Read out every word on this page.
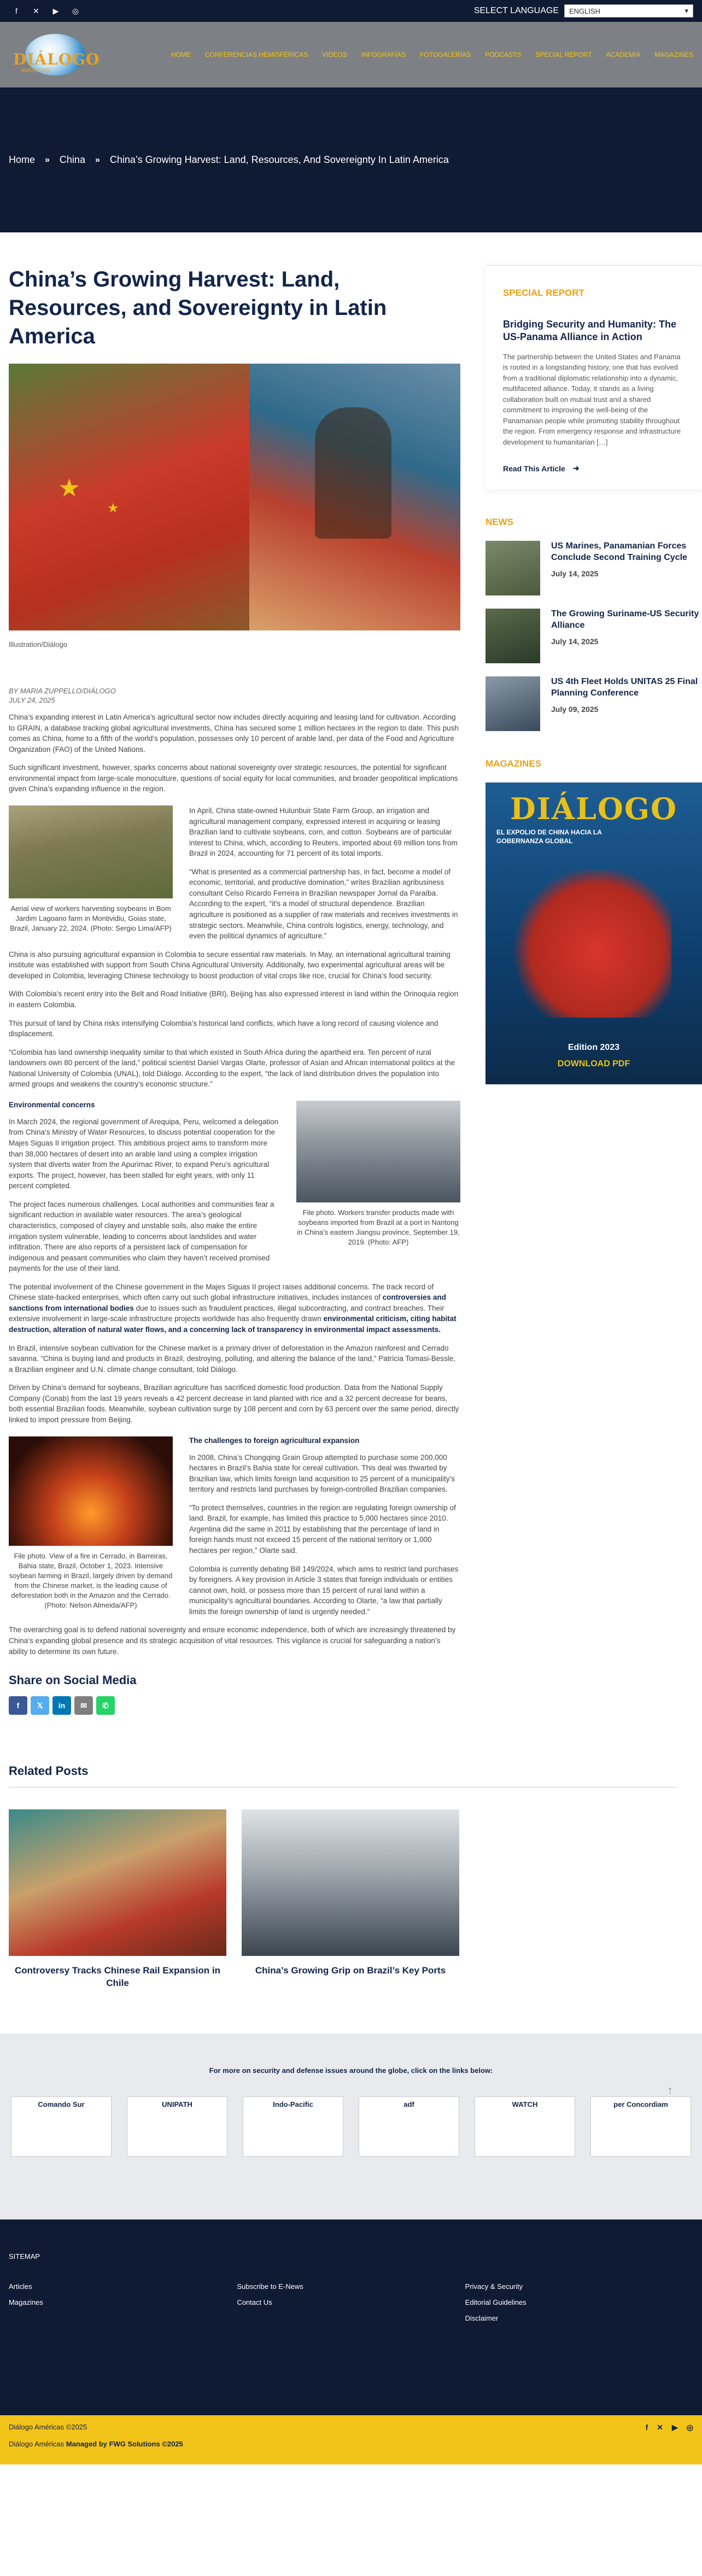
f	✕	▶	◎	SELECT LANGUAGE ENGLISH	▾
DIÁLOGO
AMÉRICAS
HOME CONFERENCIAS HEMISFÉRICAS VIDEOS INFOGRAFÍAS FOTOGALERÍAS PODCASTS SPECIAL REPORT ACADEMIA MAGAZINES
Home » China » China’s Growing Harvest: Land, Resources, And Sovereignty In Latin America
China’s Growing Harvest: Land, Resources, and Sovereignty in Latin America
★
★
Illustration/Diálogo
BY MARIA ZUPPELLO/DIÁLOGO
JULY 24, 2025

China’s expanding interest in Latin America’s agricultural sector now includes directly acquiring and leasing land for cultivation. According to GRAIN, a database tracking global agricultural investments, China has secured some 1 million hectares in the region to date. This push comes as China, home to a fifth of the world’s population, possesses only 10 percent of arable land, per data of the Food and Agriculture Organization (FAO) of the United Nations.

Such significant investment, however, sparks concerns about national sovereignty over strategic resources, the potential for significant environmental impact from large-scale monoculture, questions of social equity for local communities, and broader geopolitical implications given China’s expanding influence in the region.

Aerial view of workers harvesting soybeans in Bom Jardim Lagoano farm in Montividiu, Goias state, Brazil, January 22, 2024. (Photo: Sergio Lima/AFP)

In April, China state-owned Hulunbuir State Farm Group, an irrigation and agricultural management company, expressed interest in acquiring or leasing Brazilian land to cultivate soybeans, corn, and cotton. Soybeans are of particular interest to China, which, according to Reuters, imported about 69 million tons from Brazil in 2024, accounting for 71 percent of its total imports.

“What is presented as a commercial partnership has, in fact, become a model of economic, territorial, and productive domination,” writes Brazilian agribusiness consultant Celso Ricardo Ferreira in Brazilian newspaper Jornal da Paraíba. According to the expert, “it’s a model of structural dependence. Brazilian agriculture is positioned as a supplier of raw materials and receives investments in strategic sectors. Meanwhile, China controls logistics, energy, technology, and even the political dynamics of agriculture.”

China is also pursuing agricultural expansion in Colombia to secure essential raw materials. In May, an international agricultural training institute was established with support from South China Agricultural University. Additionally, two experimental agricultural areas will be developed in Colombia, leveraging Chinese technology to boost production of vital crops like rice, crucial for China’s food security.

With Colombia’s recent entry into the Belt and Road Initiative (BRI), Beijing has also expressed interest in land within the Orinoquia region in eastern Colombia.

This pursuit of land by China risks intensifying Colombia’s historical land conflicts, which have a long record of causing violence and displacement.

“Colombia has land ownership inequality similar to that which existed in South Africa during the apartheid era. Ten percent of rural landowners own 80 percent of the land,” political scientist Daniel Vargas Olarte, professor of Asian and African international politics at the National University of Colombia (UNAL), told Diálogo. According to the expert, “the lack of land distribution drives the population into armed groups and weakens the country’s economic structure.”

Environmental concerns

In March 2024, the regional government of Arequipa, Peru, welcomed a delegation from China’s Ministry of Water Resources, to discuss potential cooperation for the Majes Siguas II irrigation project. This ambitious project aims to transform more than 38,000 hectares of desert into an arable land using a complex irrigation system that diverts water from the Apurímac River, to expand Peru’s agricultural exports. The project, however, has been stalled for eight years, with only 11 percent completed.

The project faces numerous challenges. Local authorities and communities fear a significant reduction in available water resources. The area’s geological characteristics, composed of clayey and unstable soils, also make the entire irrigation system vulnerable, leading to concerns about landslides and water infiltration. There are also reports of a persistent lack of compensation for indigenous and peasant communities who claim they haven’t received promised payments for the use of their land.

File photo. Workers transfer products made with soybeans imported from Brazil at a port in Nantong in China’s eastern Jiangsu province, September 19, 2019. (Photo: AFP)

The potential involvement of the Chinese government in the Majes Siguas II project raises additional concerns. The track record of Chinese state-backed enterprises, which often carry out such global infrastructure initiatives, includes instances of controversies and sanctions from international bodies due to issues such as fraudulent practices, illegal subcontracting, and contract breaches. Their extensive involvement in large-scale infrastructure projects worldwide has also frequently drawn environmental criticism, citing habitat destruction, alteration of natural water flows, and a concerning lack of transparency in environmental impact assessments.

In Brazil, intensive soybean cultivation for the Chinese market is a primary driver of deforestation in the Amazon rainforest and Cerrado savanna. “China is buying land and products in Brazil, destroying, polluting, and altering the balance of the land,” Patrícia Tomasi-Bessle, a Brazilian engineer and U.N. climate change consultant, told Diálogo.

Driven by China’s demand for soybeans, Brazilian agriculture has sacrificed domestic food production. Data from the National Supply Company (Conab) from the last 19 years reveals a 42 percent decrease in land planted with rice and a 32 percent decrease for beans, both essential Brazilian foods. Meanwhile, soybean cultivation surge by 108 percent and corn by 63 percent over the same period, directly linked to import pressure from Beijing.

File photo. View of a fire in Cerrado, in Barreiras, Bahia state, Brazil, October 1, 2023. Intensive soybean farming in Brazil, largely driven by demand from the Chinese market, is the leading cause of deforestation both in the Amazon and the Cerrado. (Photo: Nelson Almeida/AFP)
The challenges to foreign agricultural expansion

In 2008, China’s Chongqing Grain Group attempted to purchase some 200,000 hectares in Brazil’s Bahia state for cereal cultivation. This deal was thwarted by Brazilian law, which limits foreign land acquisition to 25 percent of a municipality’s territory and restricts land purchases by foreign-controlled Brazilian companies.

“To protect themselves, countries in the region are regulating foreign ownership of land. Brazil, for example, has limited this practice to 5,000 hectares since 2010. Argentina did the same in 2011 by establishing that the percentage of land in foreign hands must not exceed 15 percent of the national territory or 1,000 hectares per region,” Olarte said.

Colombia is currently debating Bill 149/2024, which aims to restrict land purchases by foreigners. A key provision in Article 3 states that foreign individuals or entities cannot own, hold, or possess more than 15 percent of rural land within a municipality’s agricultural boundaries. According to Olarte, “a law that partially limits the foreign ownership of land is urgently needed.”

The overarching goal is to defend national sovereignty and ensure economic independence, both of which are increasingly threatened by China’s expanding global presence and its strategic acquisition of vital resources. This vigilance is crucial for safeguarding a nation’s ability to determine its own future.

Share on Social Media
f	𝕏	in	✉	✆
Related Posts
Controversy Tracks Chinese Rail Expansion in Chile
China’s Growing Grip on Brazil’s Key Ports
SPECIAL REPORT
Bridging Security and Humanity: The US-Panama Alliance in Action
The partnership between the United States and Panama is rooted in a longstanding history, one that has evolved from a traditional diplomatic relationship into a dynamic, multifaceted alliance. Today, it stands as a living collaboration built on mutual trust and a shared commitment to improving the well-being of the Panamanian people while promoting stability throughout the region. From emergency response and infrastructure development to humanitarian […]
Read This Article ➜
NEWS
US Marines, Panamanian Forces Conclude Second Training Cycle
July 14, 2025
The Growing Suriname-US Security Alliance
July 14, 2025
US 4th Fleet Holds UNITAS 25 Final Planning Conference
July 09, 2025
MAGAZINES
DIÁLOGO
EL EXPOLIO DE CHINA HACIA LA GOBERNANZA GLOBAL
Edition 2023
DOWNLOAD PDF
For more on security and defense issues around the globe, click on the links below:
Comando Sur	UNIPATH	Indo-Pacific	adf	WATCH	per Concordiam
SITEMAP
Articles
Magazines
Subscribe to E-News
Contact Us
Privacy & Security
Editorial Guidelines
Disclaimer
Diálogo Américas ©2025
Diálogo Américas Managed by FWG Solutions ©2025
f ✕ ▶ ◎
↑
